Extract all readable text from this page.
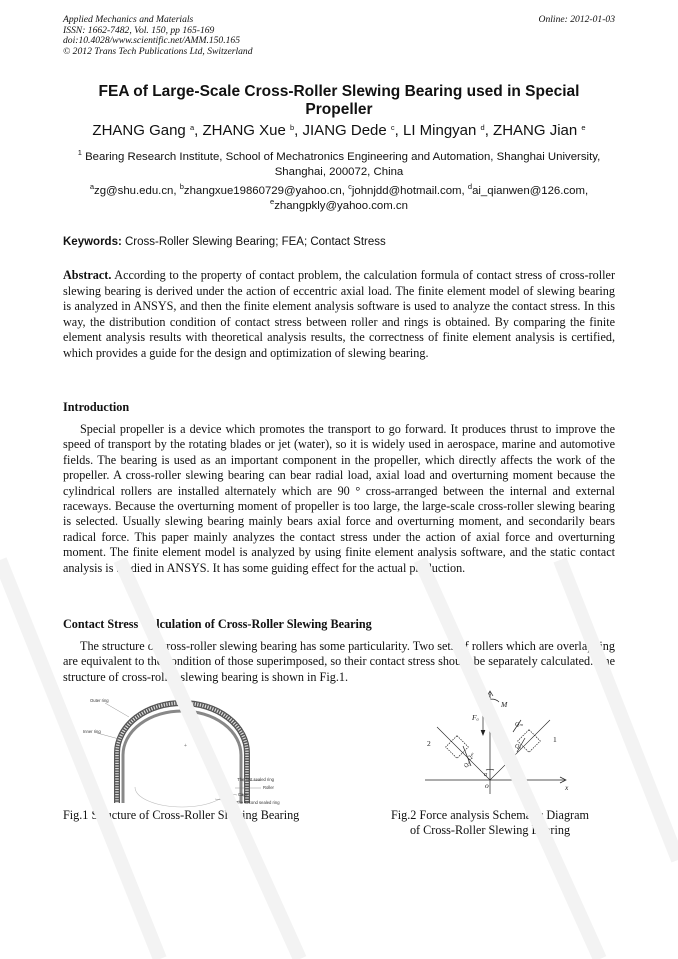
Applied Mechanics and Materials
ISSN: 1662-7482, Vol. 150, pp 165-169
doi:10.4028/www.scientific.net/AMM.150.165
© 2012 Trans Tech Publications Ltd, Switzerland
Online: 2012-01-03
FEA of Large-Scale Cross-Roller Slewing Bearing used in Special Propeller
ZHANG Gang $^a$, ZHANG Xue $^b$, JIANG Dede $^c$, LI Mingyan $^d$, ZHANG Jian $^e$
$^1$ Bearing Research Institute, School of Mechatronics Engineering and Automation, Shanghai University, Shanghai, 200072, China
$^a$zg@shu.edu.cn, $^b$zhangxue19860729@yahoo.cn, $^c$johnjdd@hotmail.com, $^d$ai_qianwen@126.com,
$^e$zhangpkly@yahoo.com.cn
Keywords: Cross-Roller Slewing Bearing; FEA; Contact Stress
Abstract. According to the property of contact problem, the calculation formula of contact stress of cross-roller slewing bearing is derived under the action of eccentric axial load. The finite element model of slewing bearing is analyzed in ANSYS, and then the finite element analysis software is used to analyze the contact stress. In this way, the distribution condition of contact stress between roller and rings is obtained. By comparing the finite element analysis results with theoretical analysis results, the correctness of finite element analysis is certified, which provides a guide for the design and optimization of slewing bearing.
Introduction
Special propeller is a device which promotes the transport to go forward. It produces thrust to improve the speed of transport by the rotating blades or jet (water), so it is widely used in aerospace, marine and automotive fields. The bearing is used as an important component in the propeller, which directly affects the work of the propeller. A cross-roller slewing bearing can bear radial load, axial load and overturning moment because the cylindrical rollers are installed alternately which are 90 ° cross-arranged between the internal and external raceways. Because the overturning moment of propeller is too large, the large-scale cross-roller slewing bearing is selected. Usually slewing bearing mainly bears axial force and overturning moment, and secondarily bears radical force. This paper mainly analyzes the contact stress under the action of axial force and overturning moment. The finite element model is analyzed by using finite element analysis software, and the static contact analysis is studied in ANSYS. It has some guiding effect for the actual production.
Contact Stress Calculation of Cross-Roller Slewing Bearing
The structure of cross-roller slewing bearing has some particularity. Two sets of rollers which are overlapping are equivalent to the condition of those superimposed, so their contact stress should be separately calculated. The structure of cross-roller slewing bearing is shown in Fig.1.
+
Outer ring
Inner ring
The first sealed ring
Roller
Cage
The second sealed ring
z
M
Fₐ
Qₘ
Qₐ
Qₐ-Qₘ
2	1
α
o	x
Fig.1 Structure of Cross-Roller Slewing Bearing	Fig.2 Force analysis Schematic Diagram
of Cross-Roller Slewing Bearing
